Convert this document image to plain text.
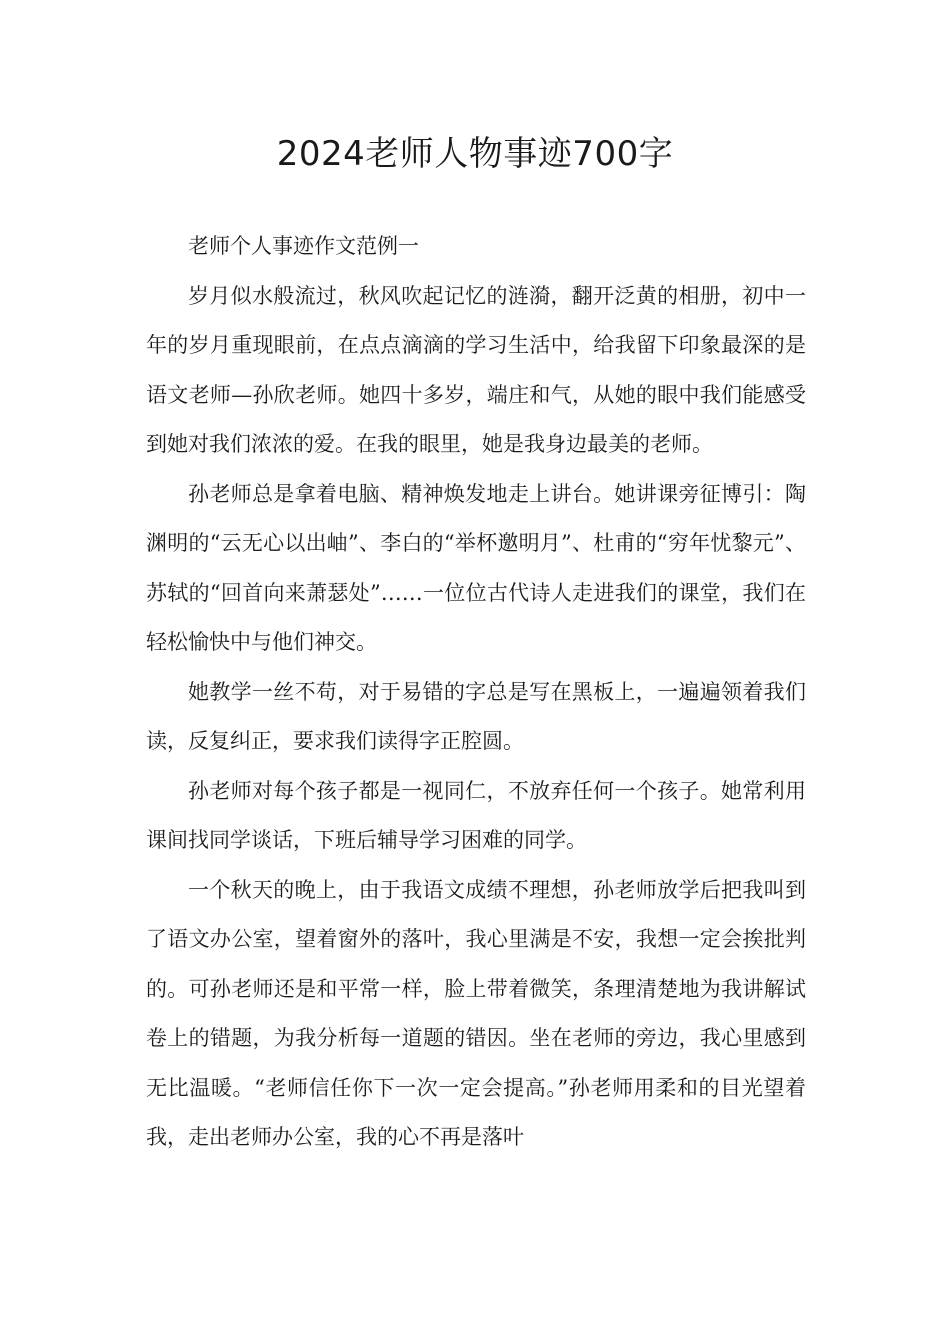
2024老师人物事迹700字

老师个人事迹作文范例一

岁月似水般流过，秋风吹起记忆的涟漪，翻开泛黄的相册，初中一年的岁月重现眼前，在点点滴滴的学习生活中，给我留下印象最深的是语文老师—孙欣老师。她四十多岁，端庄和气，从她的眼中我们能感受到她对我们浓浓的爱。在我的眼里，她是我身边最美的老师。

孙老师总是拿着电脑、精神焕发地走上讲台。她讲课旁征博引：陶渊明的“云无心以出岫”、李白的“举杯邀明月”、杜甫的“穷年忧黎元”、苏轼的“回首向来萧瑟处”……一位位古代诗人走进我们的课堂，我们在轻松愉快中与他们神交。

她教学一丝不苟，对于易错的字总是写在黑板上，一遍遍领着我们读，反复纠正，要求我们读得字正腔圆。

孙老师对每个孩子都是一视同仁，不放弃任何一个孩子。她常利用课间找同学谈话，下班后辅导学习困难的同学。

一个秋天的晚上，由于我语文成绩不理想，孙老师放学后把我叫到了语文办公室，望着窗外的落叶，我心里满是不安，我想一定会挨批判的。可孙老师还是和平常一样，脸上带着微笑，条理清楚地为我讲解试卷上的错题，为我分析每一道题的错因。坐在老师的旁边，我心里感到无比温暖。“老师信任你下一次一定会提高。”孙老师用柔和的目光望着我，走出老师办公室，我的心不再是落叶
